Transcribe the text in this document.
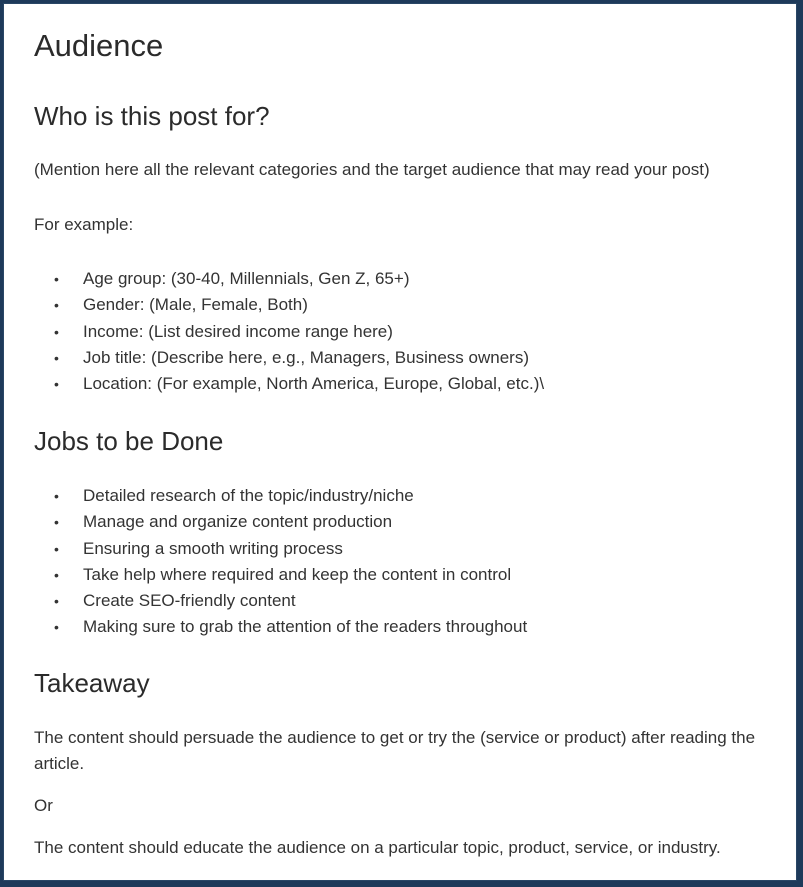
Audience
Who is this post for?

(Mention here all the relevant categories and the target audience that may read your post)

For example:

• Age group: (30-40, Millennials, Gen Z, 65+)
• Gender: (Male, Female, Both)
• Income: (List desired income range here)
• Job title: (Describe here, e.g., Managers, Business owners)
• Location: (For example, North America, Europe, Global, etc.)\
Jobs to be Done
• Detailed research of the topic/industry/niche
• Manage and organize content production
• Ensuring a smooth writing process
• Take help where required and keep the content in control
• Create SEO-friendly content
• Making sure to grab the attention of the readers throughout
Takeaway

The content should persuade the audience to get or try the (service or product) after reading the article.

Or

The content should educate the audience on a particular topic, product, service, or industry.
